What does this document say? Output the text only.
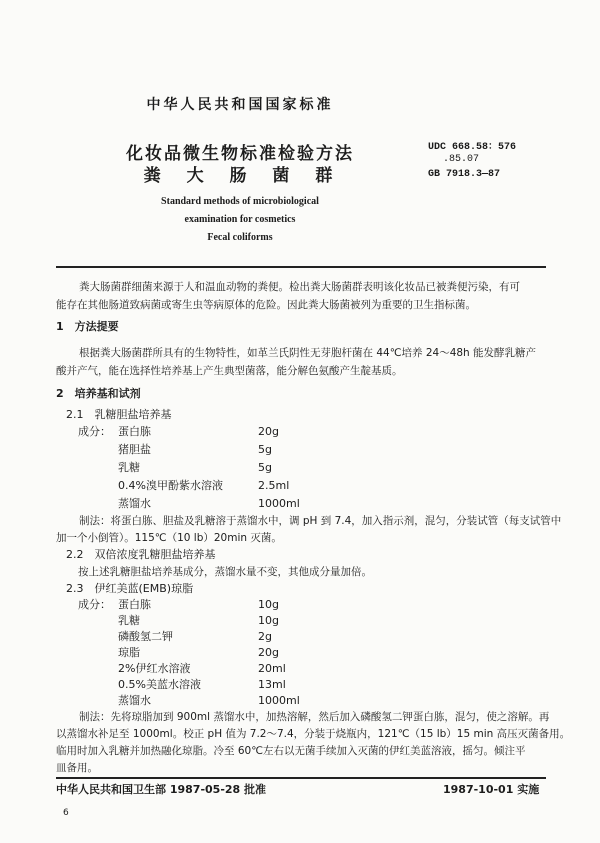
中华人民共和国国家标准
化妆品微生物标准检验方法
粪 大 肠 菌 群
UDC 668.58：576
.85.07
GB 7918.3—87
Standard methods of microbiological
examination for cosmetics
Fecal coliforms
粪大肠菌群细菌来源于人和温血动物的粪便。检出粪大肠菌群表明该化妆品已被粪便污染，有可
能存在其他肠道致病菌或寄生虫等病原体的危险。因此粪大肠菌被列为重要的卫生指标菌。
1　方法提要
根据粪大肠菌群所具有的生物特性，如革兰氏阴性无芽胞杆菌在 44℃培养 24～48h 能发酵乳糖产
酸并产气，能在选择性培养基上产生典型菌落，能分解色氨酸产生靛基质。
2　培养基和试剂
2.1　乳糖胆盐培养基
成分： 蛋白胨	20g
猪胆盐	5g
乳糖	5g
0.4%溴甲酚紫水溶液	2.5ml
蒸馏水	1000ml
制法：将蛋白胨、胆盐及乳糖溶于蒸馏水中，调 pH 到 7.4，加入指示剂，混匀，分装试管（每支试管中
加一个小倒管）。115℃（10 lb）20min 灭菌。
2.2　双倍浓度乳糖胆盐培养基
按上述乳糖胆盐培养基成分，蒸馏水量不变，其他成分量加倍。
2.3　伊红美蓝(EMB)琼脂
成分： 蛋白胨	10g
乳糖	10g
磷酸氢二钾	2g
琼脂	20g
2%伊红水溶液	20ml
0.5%美蓝水溶液	13ml
蒸馏水	1000ml
制法：先将琼脂加到 900ml 蒸馏水中，加热溶解，然后加入磷酸氢二钾蛋白胨，混匀，使之溶解。再
以蒸馏水补足至 1000ml。校正 pH 值为 7.2～7.4，分装于烧瓶内，121℃（15 lb）15 min 高压灭菌备用。
临用时加入乳糖并加热融化琼脂。冷至 60℃左右以无菌手续加入灭菌的伊红美蓝溶液，摇匀。倾注平
皿备用。
中华人民共和国卫生部 1987-05-28 批准	1987-10-01 实施
6
